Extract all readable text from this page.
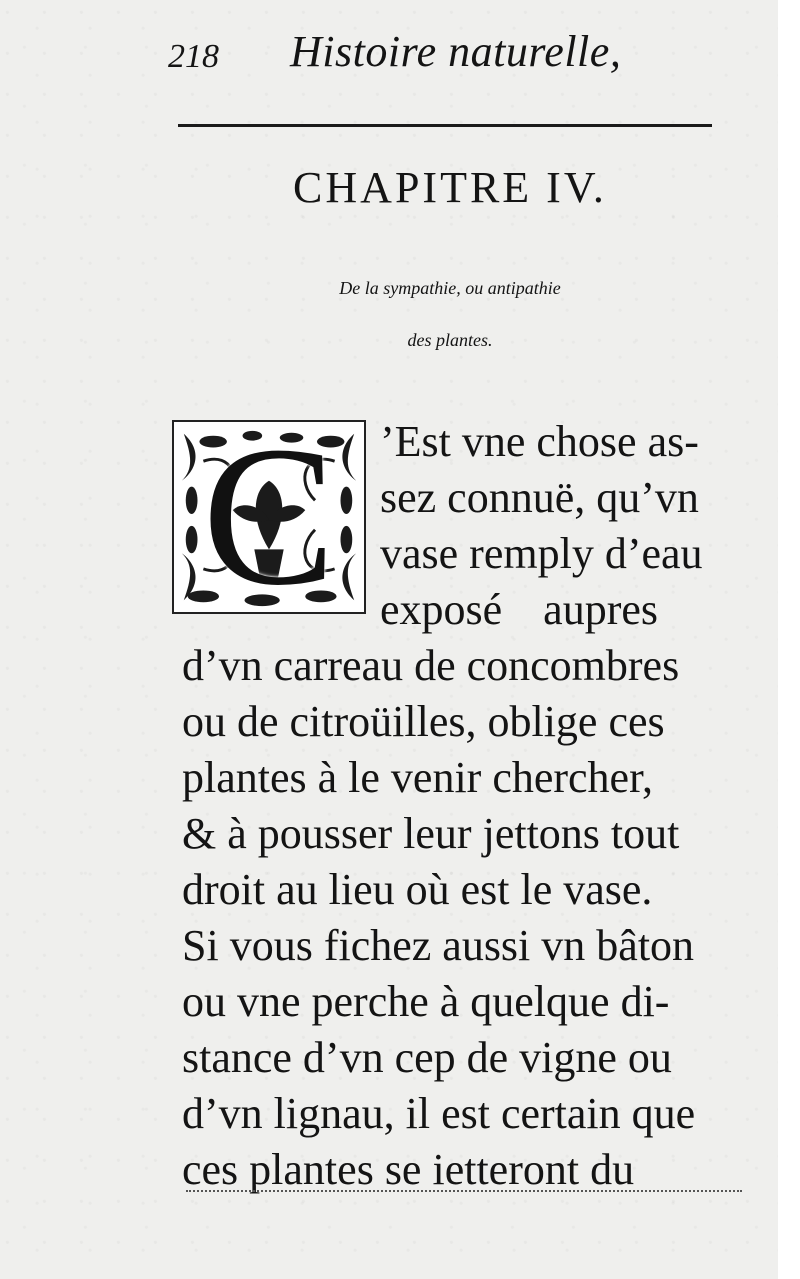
218 Histoire naturelle,
CHAPITRE IV.
De la sympathie, ou antipathie
des plantes.
C	’Est vne chose as-
sez connuë, qu’vn
vase remply d’eau
exposé aupres
d’vn carreau de concombres
ou de citroüilles, oblige ces
plantes à le venir chercher,
& à pousser leur jettons tout
droit au lieu où est le vase.
Si vous fichez aussi vn bâton
ou vne perche à quelque di-
stance d’vn cep de vigne ou
d’vn lignau, il est certain que
ces plantes se ietteront du
